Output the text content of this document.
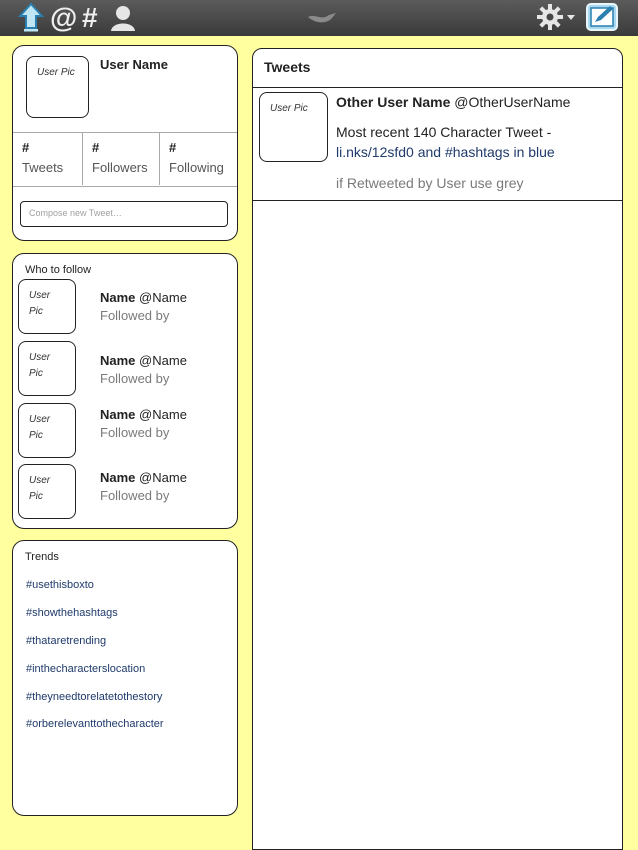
@ #
User Pic
User Name
#
Tweets
#
Followers
#
Following
Compose new Tweet…
Who to follow
User Pic
Name @Name
Followed by
User Pic
Name @Name
Followed by
User Pic
Name @Name
Followed by
User Pic
Name @Name
Followed by
Trends
#usethisboxto
#showthehashtags
#thataretrending
#inthecharacterslocation
#theyneedtorelatetothestory
#orberelevanttothecharacter
Tweets
User Pic	Other User Name @OtherUserName
Most recent 140 Character Tweet -
li.nks/12sfd0 and #hashtags in blue
if Retweeted by User use grey
